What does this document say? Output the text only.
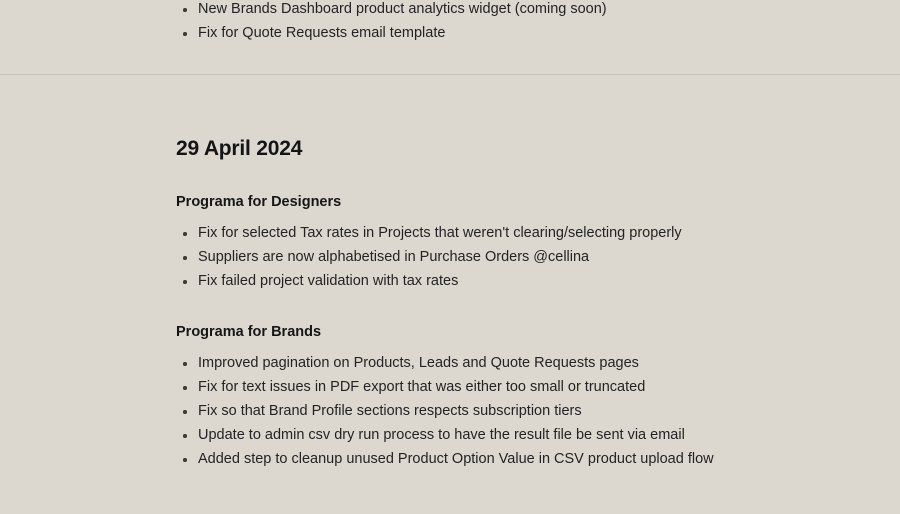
New Brands Dashboard product analytics widget (coming soon)
Fix for Quote Requests email template
29 April 2024
Programa for Designers
Fix for selected Tax rates in Projects that weren't clearing/selecting properly
Suppliers are now alphabetised in Purchase Orders @cellina
Fix failed project validation with tax rates
Programa for Brands
Improved pagination on Products, Leads and Quote Requests pages
Fix for text issues in PDF export that was either too small or truncated
Fix so that Brand Profile sections respects subscription tiers
Update to admin csv dry run process to have the result file be sent via email
Added step to cleanup unused Product Option Value in CSV product upload flow
